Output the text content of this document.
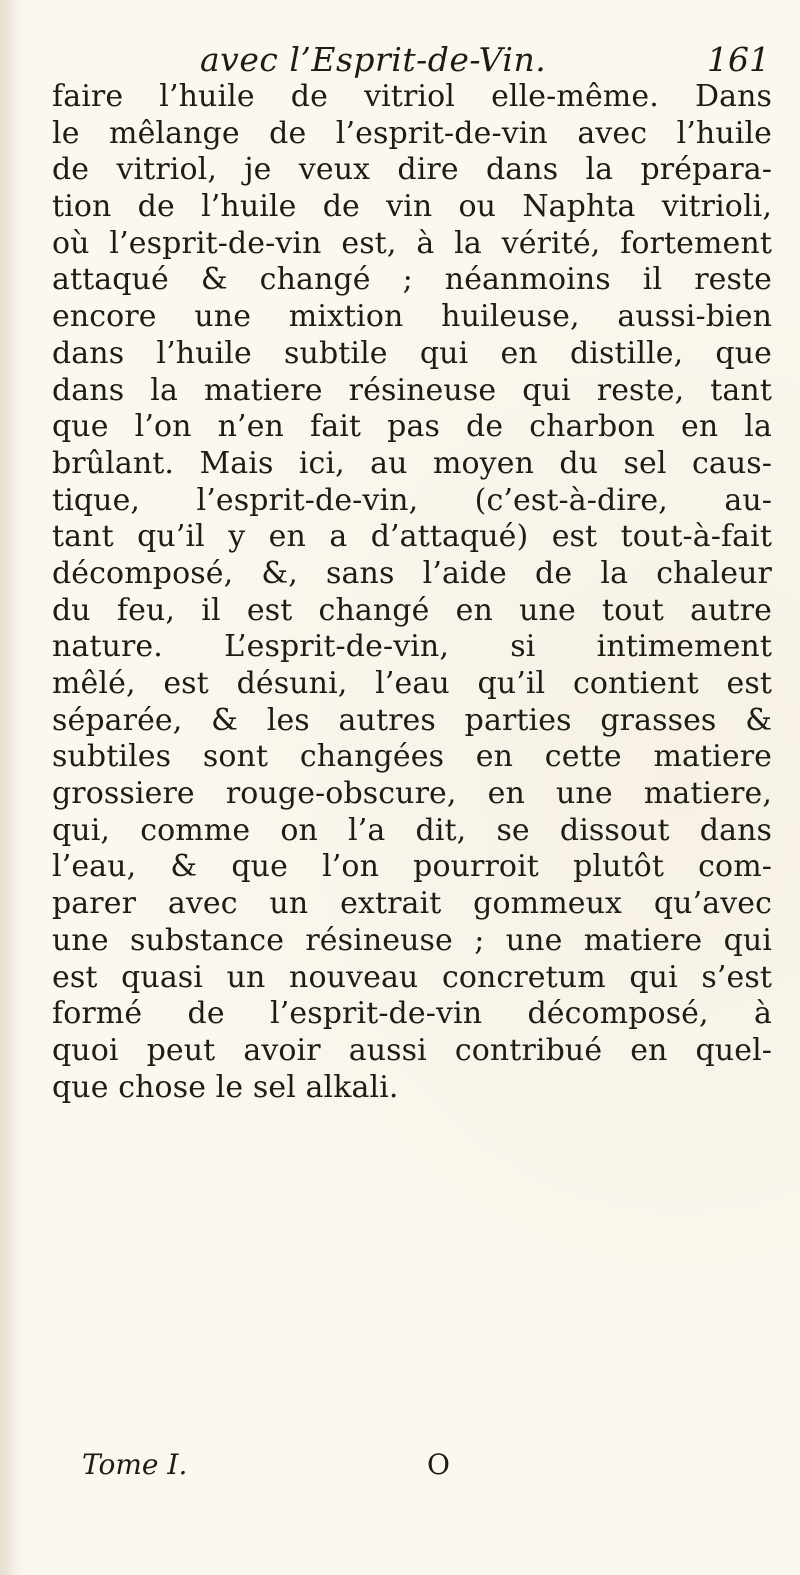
avec l’Esprit-de-Vin.	161
faire l’huile de vitriol elle-même. Dans
le mêlange de l’esprit-de-vin avec l’huile
de vitriol, je veux dire dans la prépara-
tion de l’huile de vin ou Naphta vitrioli,
où l’esprit-de-vin est, à la vérité, fortement
attaqué & changé ; néanmoins il reste
encore une mixtion huileuse, aussi-bien
dans l’huile subtile qui en distille, que
dans la matiere résineuse qui reste, tant
que l’on n’en fait pas de charbon en la
brûlant. Mais ici, au moyen du sel caus-
tique, l’esprit-de-vin, (c’est-à-dire, au-
tant qu’il y en a d’attaqué) est tout-à-fait
décomposé, &, sans l’aide de la chaleur
du feu, il est changé en une tout autre
nature. L’esprit-de-vin, si intimement
mêlé, est désuni, l’eau qu’il contient est
séparée, & les autres parties grasses &
subtiles sont changées en cette matiere
grossiere rouge-obscure, en une matiere,
qui, comme on l’a dit, se dissout dans
l’eau, & que l’on pourroit plutôt com-
parer avec un extrait gommeux qu’avec
une substance résineuse ; une matiere qui
est quasi un nouveau concretum qui s’est
formé de l’esprit-de-vin décomposé, à
quoi peut avoir aussi contribué en quel-
que chose le sel alkali.
Tome I.	O
